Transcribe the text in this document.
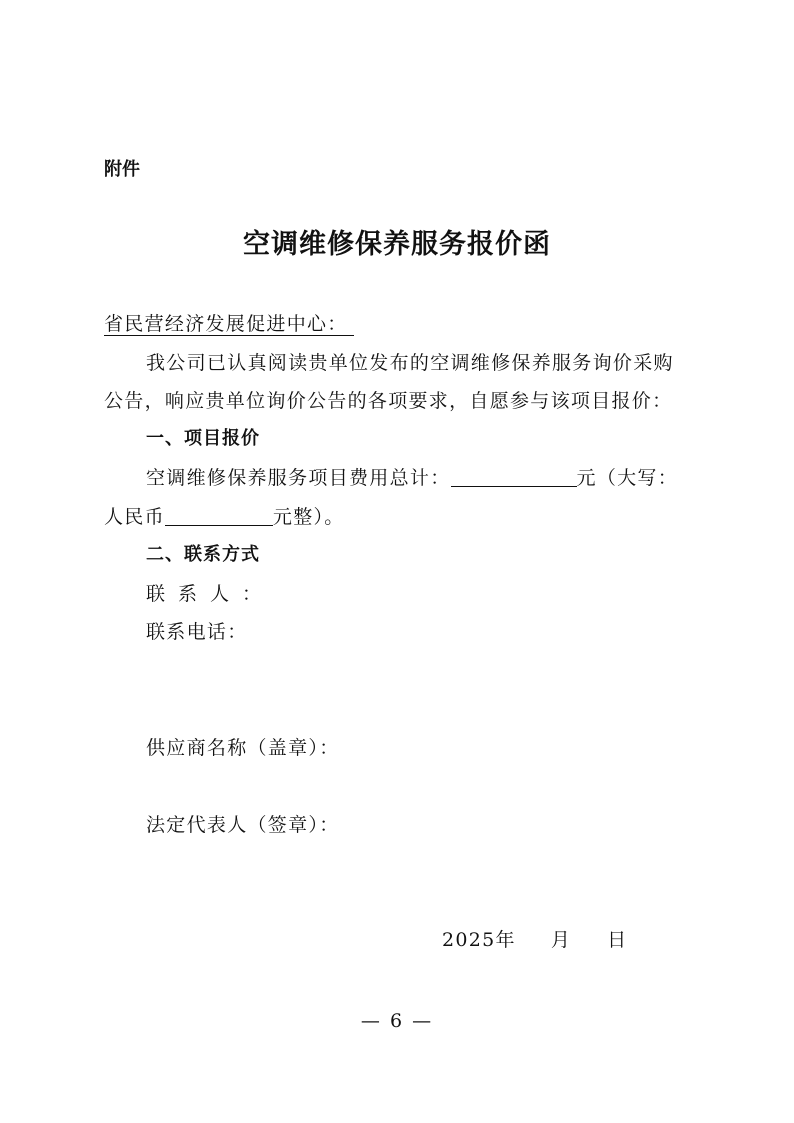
附件
空调维修保养服务报价函
省民营经济发展促进中心：
我公司已认真阅读贵单位发布的空调维修保养服务询价采购
公告，响应贵单位询价公告的各项要求，自愿参与该项目报价：
一、项目报价
空调维修保养服务项目费用总计：	元（大写：
人民币	元整）。
二、联系方式
联系人：
联系电话：
供应商名称（盖章）：
法定代表人（签章）：
2025年 月 日
— 6 —
